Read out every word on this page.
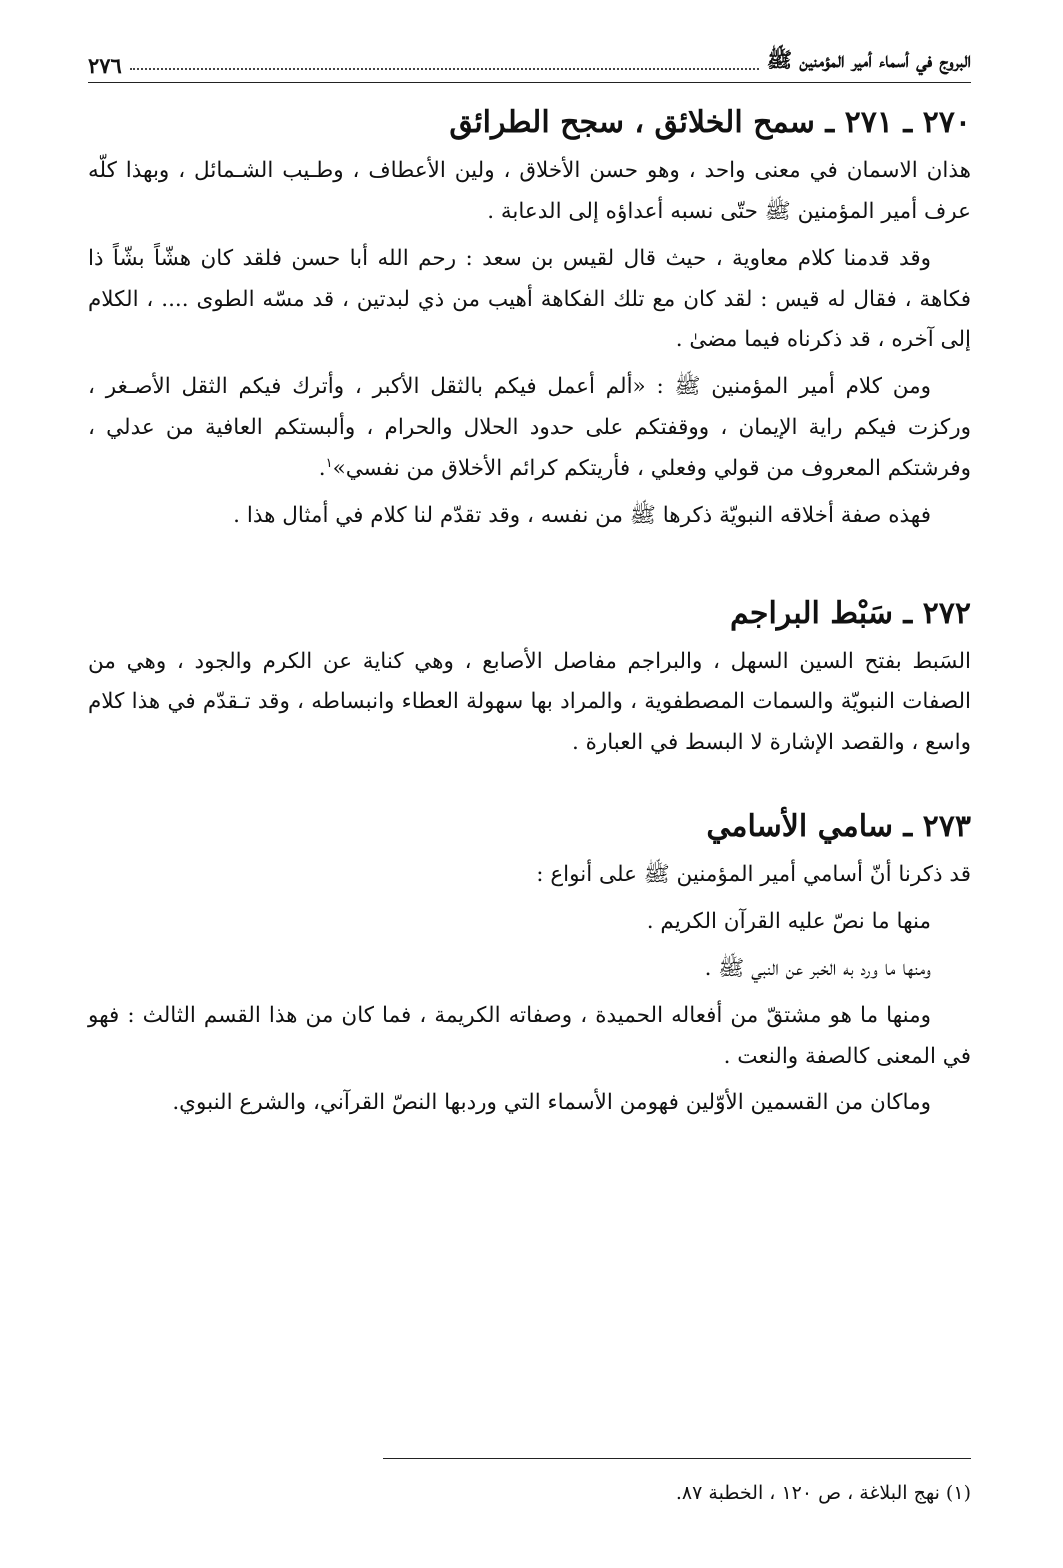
البروج في أسماء أمير المؤمنين ﷺ
٢٧٦
٢٧٠ ـ ٢٧١ ـ سمح الخلائق ، سجح الطرائق

هذان الاسمان في معنى واحد ، وهو حسن الأخلاق ، ولين الأعطاف ، وطـيب الشـمائل ، وبهذا كلّه عرف أمير المؤمنين ﷺ حتّى نسبه أعداؤه إلى الدعابة .

وقد قدمنا كلام معاوية ، حيث قال لقيس بن سعد : رحم الله أبا حسن فلقد كان هشّاً بشّاً ذا فكاهة ، فقال له قيس : لقد كان مع تلك الفكاهة أهيب من ذي لبدتين ، قد مسّه الطوى .... ، الكلام إلى آخره ، قد ذكرناه فيما مضىٰ .

ومن كلام أمير المؤمنين ﷺ : «ألم أعمل فيكم بالثقل الأكبر ، وأترك فيكم الثقل الأصـغر ، وركزت فيكم راية الإيمان ، ووقفتكم على حدود الحلال والحرام ، وألبستكم العافية من عدلي ، وفرشتكم المعروف من قولي وفعلي ، فأريتكم كرائم الأخلاق من نفسي»$^١$.

فهذه صفة أخلاقه النبويّة ذكرها ﷺ من نفسه ، وقد تقدّم لنا كلام في أمثال هذا .

٢٧٢ ـ سَبْط البراجم

السَبط بفتح السين السهل ، والبراجم مفاصل الأصابع ، وهي كناية عن الكرم والجود ، وهي من الصفات النبويّة والسمات المصطفوية ، والمراد بها سهولة العطاء وانبساطه ، وقد تـقدّم في هذا كلام واسع ، والقصد الإشارة لا البسط في العبارة .

٢٧٣ ـ سامي الأسامي

قد ذكرنا أنّ أسامي أمير المؤمنين ﷺ على أنواع :

منها ما نصّ عليه القرآن الكريم .

ومنها ما ورد به الخبر عن النبي ﷺ .

ومنها ما هو مشتقّ من أفعاله الحميدة ، وصفاته الكريمة ، فما كان من هذا القسم الثالث : فهو في المعنى كالصفة والنعت .

وماكان من القسمين الأوّلين فهومن الأسماء التي وردبها النصّ القرآني، والشرع النبوي.

(١) نهج البلاغة ، ص ١٢٠ ، الخطبة ٨٧.
